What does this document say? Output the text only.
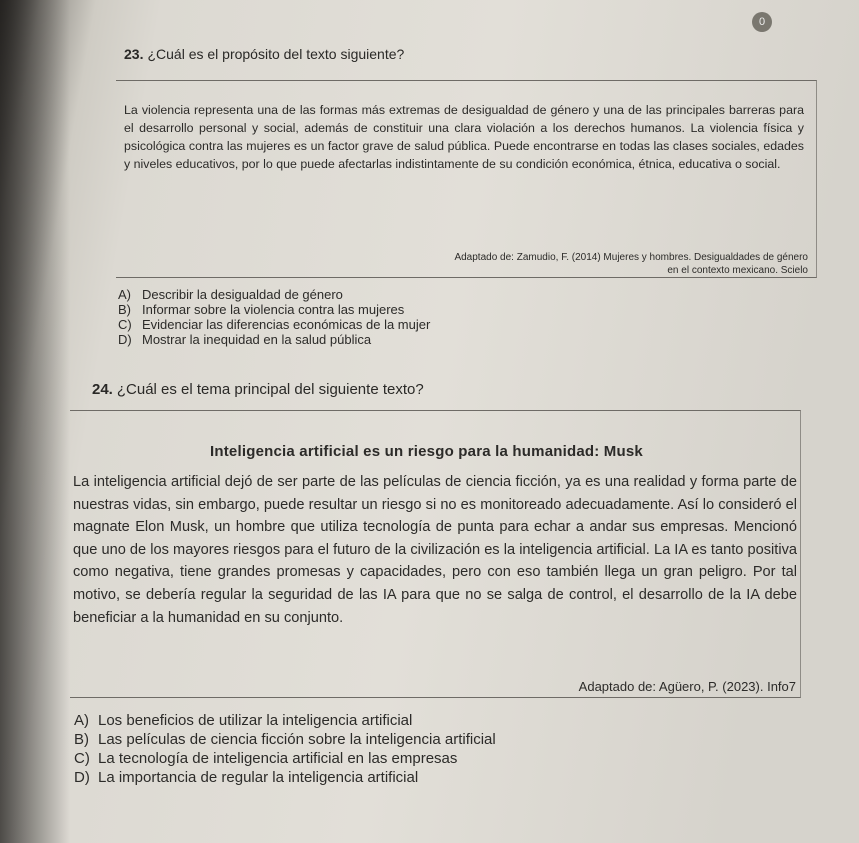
0
23. ¿Cuál es el propósito del texto siguiente?
La violencia representa una de las formas más extremas de desigualdad de género y una de las principales barreras para el desarrollo personal y social, además de constituir una clara violación a los derechos humanos. La violencia física y psicológica contra las mujeres es un factor grave de salud pública. Puede encontrarse en todas las clases sociales, edades y niveles educativos, por lo que puede afectarlas indistintamente de su condición económica, étnica, educativa o social.
Adaptado de: Zamudio, F. (2014) Mujeres y hombres. Desigualdades de género
en el contexto mexicano. Scielo
A) Describir la desigualdad de género
B) Informar sobre la violencia contra las mujeres
C) Evidenciar las diferencias económicas de la mujer
D) Mostrar la inequidad en la salud pública
24. ¿Cuál es el tema principal del siguiente texto?
Inteligencia artificial es un riesgo para la humanidad: Musk
La inteligencia artificial dejó de ser parte de las películas de ciencia ficción, ya es una realidad y forma parte de nuestras vidas, sin embargo, puede resultar un riesgo si no es monitoreado adecuadamente. Así lo consideró el magnate Elon Musk, un hombre que utiliza tecnología de punta para echar a andar sus empresas. Mencionó que uno de los mayores riesgos para el futuro de la civilización es la inteligencia artificial. La IA es tanto positiva como negativa, tiene grandes promesas y capacidades, pero con eso también llega un gran peligro. Por tal motivo, se debería regular la seguridad de las IA para que no se salga de control, el desarrollo de la IA debe beneficiar a la humanidad en su conjunto.
Adaptado de: Agüero, P. (2023). Info7
A) Los beneficios de utilizar la inteligencia artificial
B) Las películas de ciencia ficción sobre la inteligencia artificial
C) La tecnología de inteligencia artificial en las empresas
D) La importancia de regular la inteligencia artificial
